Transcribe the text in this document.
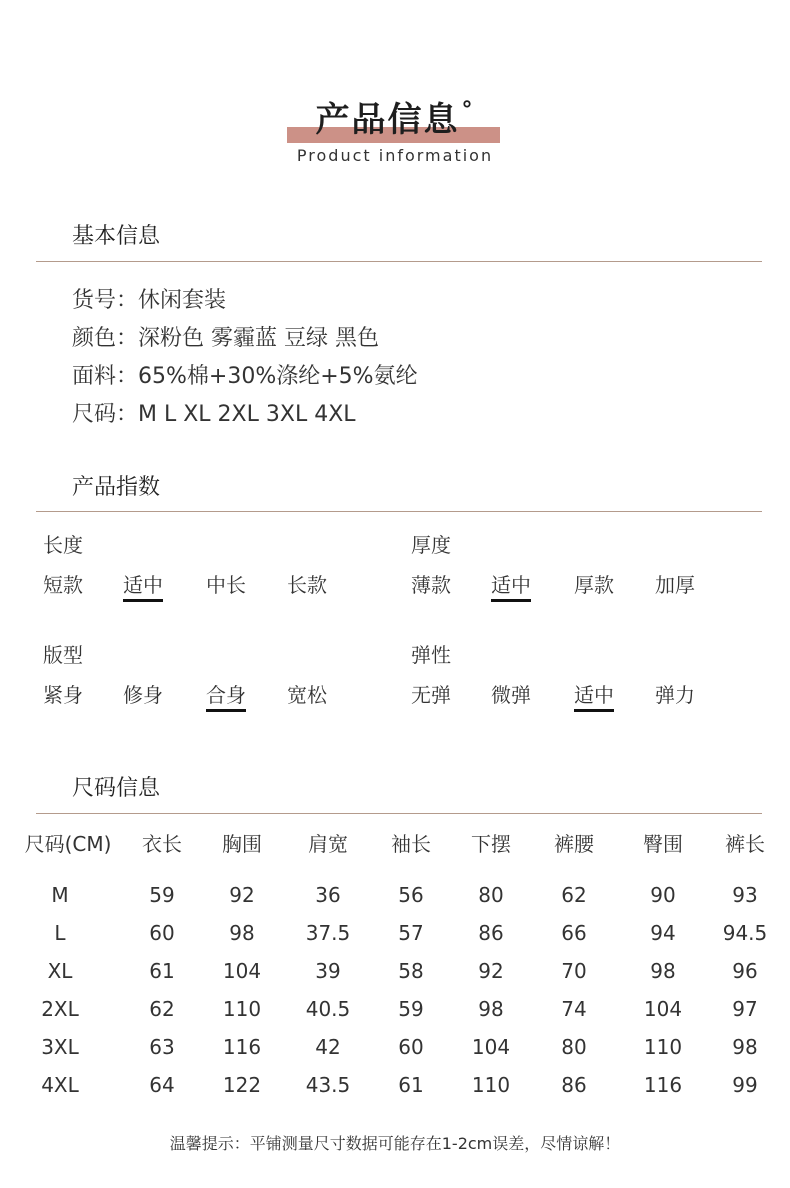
产品信息°
Product information
基本信息
货号：休闲套装
颜色：深粉色 雾霾蓝 豆绿 黑色
面料：65%棉+30%涤纶+5%氨纶
尺码：M L XL 2XL 3XL 4XL
产品指数
长度
短款 适中 中长 长款
厚度
薄款 适中 厚款 加厚
版型
紧身 修身 合身 宽松
弹性
无弹 微弹 适中 弹力
尺码信息
尺码(CM)	衣长	胸围	肩宽	袖长	下摆	裤腰	臀围	裤长
M	59	92	36	56	80	62	90	93
L	60	98	37.5	57	86	66	94	94.5
XL	61	104	39	58	92	70	98	96
2XL	62	110	40.5	59	98	74	104	97
3XL	63	116	42	60	104	80	110	98
4XL	64	122	43.5	61	110	86	116	99
温馨提示：平铺测量尺寸数据可能存在1-2cm误差，尽情谅解！
